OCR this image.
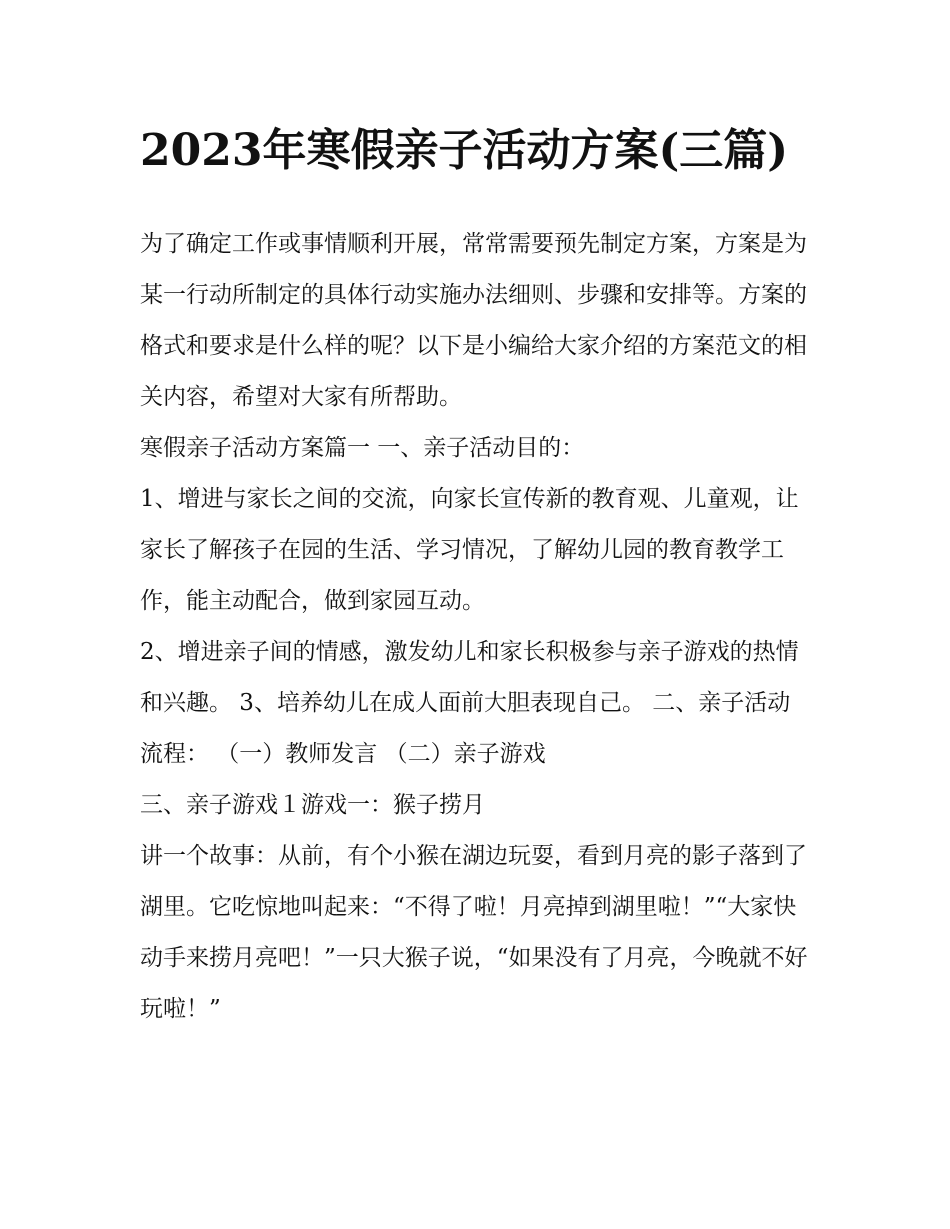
2023年寒假亲子活动方案(三篇)

为了确定工作或事情顺利开展，常常需要预先制定方案，方案是为某一行动所制定的具体行动实施办法细则、步骤和安排等。方案的格式和要求是什么样的呢？以下是小编给大家介绍的方案范文的相关内容，希望对大家有所帮助。

寒假亲子活动方案篇一 一、亲子活动目的：

1、增进与家长之间的交流，向家长宣传新的教育观、儿童观，让家长了解孩子在园的生活、学习情况，了解幼儿园的教育教学工作，能主动配合，做到家园互动。

2、增进亲子间的情感，激发幼儿和家长积极参与亲子游戏的热情和兴趣。 3、培养幼儿在成人面前大胆表现自己。 二、亲子活动流程： （一）教师发言 （二）亲子游戏

三、亲子游戏１游戏一：猴子捞月

讲一个故事：从前，有个小猴在湖边玩耍，看到月亮的影子落到了湖里。它吃惊地叫起来：“不得了啦！月亮掉到湖里啦！”“大家快动手来捞月亮吧！”一只大猴子说，“如果没有了月亮，今晚就不好玩啦！”
